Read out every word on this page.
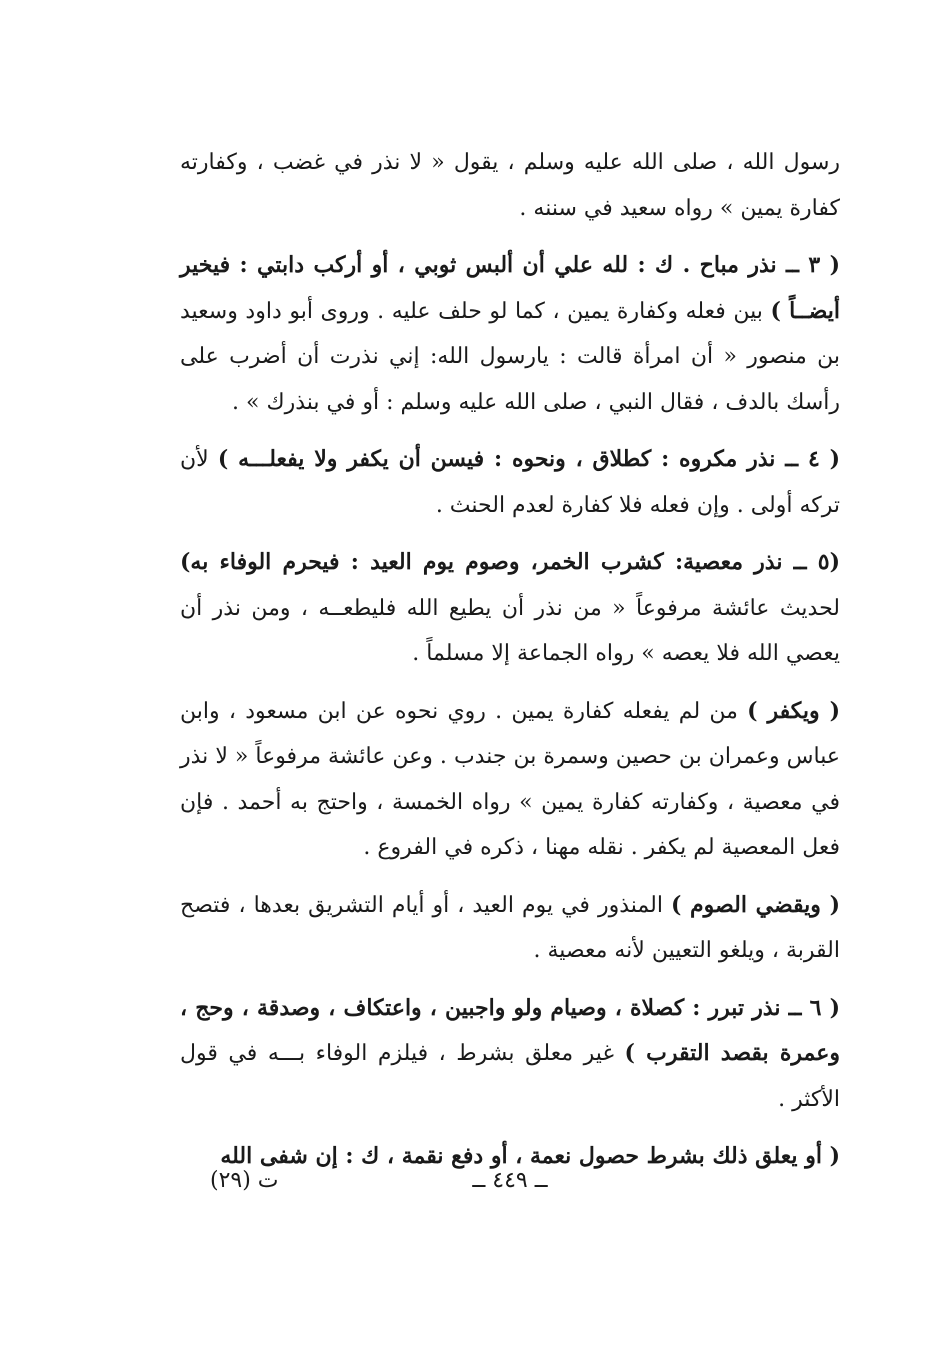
رسول الله ، صلى الله عليه وسلم ، يقول « لا نذر في غضب ، وكفارته كفارة يمين » رواه سعيد في سننه .

( ٣ ــ نذر مباح . ك : لله علي أن ألبس ثوبي ، أو أركب دابتي : فيخير أيضــاً ) بين فعله وكفارة يمين ، كما لو حلف عليه . وروى أبو داود وسعيد بن منصور « أن امرأة قالت : يارسول الله: إني نذرت أن أضرب على رأسك بالدف ، فقال النبي ، صلى الله عليه وسلم : أو في بنذرك » .

( ٤ ــ نذر مكروه : كطلاق ، ونحوه : فيسن أن يكفر ولا يفعلـــه ) لأن تركه أولى . وإن فعله فلا كفارة لعدم الحنث .

(٥ ــ نذر معصية: كشرب الخمر، وصوم يوم العيد : فيحرم الوفاء به) لحديث عائشة مرفوعاً « من نذر أن يطيع الله فليطعــه ، ومن نذر أن يعصي الله فلا يعصه » رواه الجماعة إلا مسلماً .

( ويكفر ) من لم يفعله كفارة يمين . روي نحوه عن ابن مسعود ، وابن عباس وعمران بن حصين وسمرة بن جندب . وعن عائشة مرفوعاً « لا نذر في معصية ، وكفارته كفارة يمين » رواه الخمسة ، واحتج به أحمد . فإن فعل المعصية لم يكفر . نقله مهنا ، ذكره في الفروع .

( ويقضي الصوم ) المنذور في يوم العيد ، أو أيام التشريق بعدها ، فتصح القربة ، ويلغو التعيين لأنه معصية .

( ٦ ــ نذر تبرر : كصلاة ، وصيام ولو واجبين ، واعتكاف ، وصدقة ، وحج ، وعمرة بقصد التقرب ) غير معلق بشرط ، فيلزم الوفاء بـــه في قول الأكثر .

( أو يعلق ذلك بشرط حصول نعمة ، أو دفع نقمة ، ك : إن شفى الله

ــ ٤٤٩ ــ
ت (٢٩)
